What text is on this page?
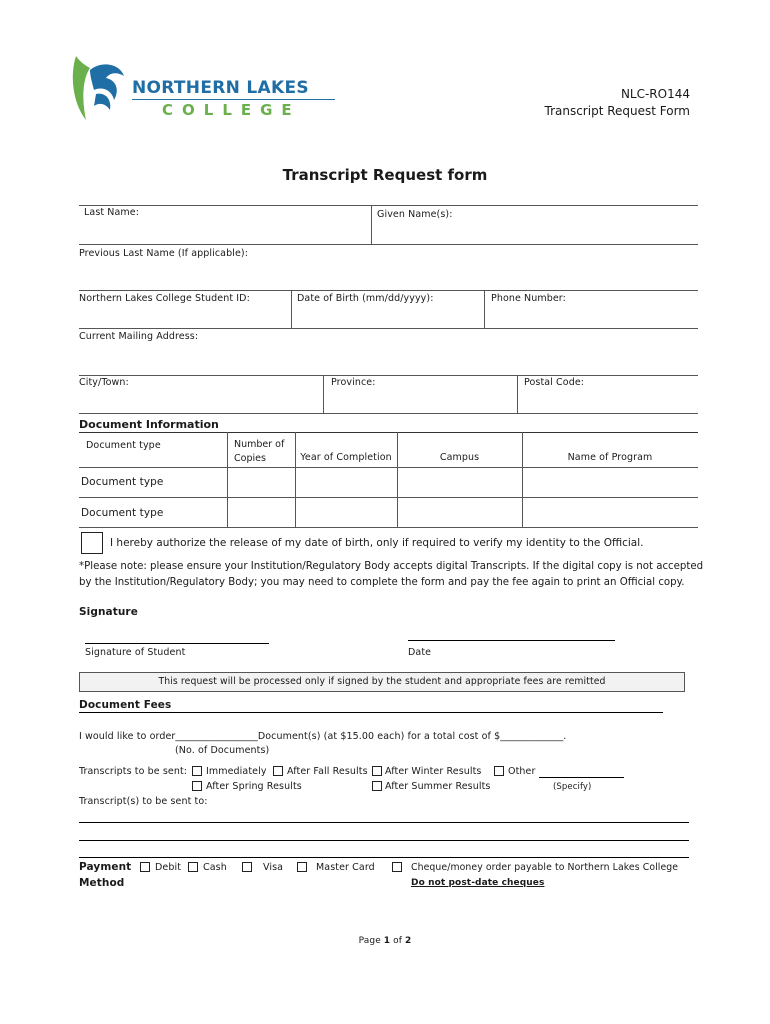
NORTHERN LAKES
COLLEGE
NLC-RO144
Transcript Request Form
Transcript Request form
Last Name:	Given Name(s):
Previous Last Name (If applicable):
Northern Lakes College Student ID:	Date of Birth (mm/dd/yyyy):	Phone Number:
Current Mailing Address:
City/Town:	Province:	Postal Code:
Document Information
Document type	Number of Copies	Year of Completion	Campus	Name of Program
Document type
Document type
I hereby authorize the release of my date of birth, only if required to verify my identity to the Official.
*Please note: please ensure your Institution/Regulatory Body accepts digital Transcripts. If the digital copy is not accepted
by the Institution/Regulatory Body; you may need to complete the form and pay the fee again to print an Official copy.
Signature
Signature of Student	Date
This request will be processed only if signed by the student and appropriate fees are remitted
Document Fees
I would like to order_________________Document(s) (at $15.00 each) for a total cost of $_____________.
(No. of Documents)
Transcripts to be sent: Immediately After Fall Results After Winter Results	Other
After Spring Results	After Summer Results	(Specify)
Transcript(s) to be sent to:
Payment
Method
Debit Cash	Visa	Master Card	Cheque/money order payable to Northern Lakes College
Do not post-date cheques
Page 1 of 2
